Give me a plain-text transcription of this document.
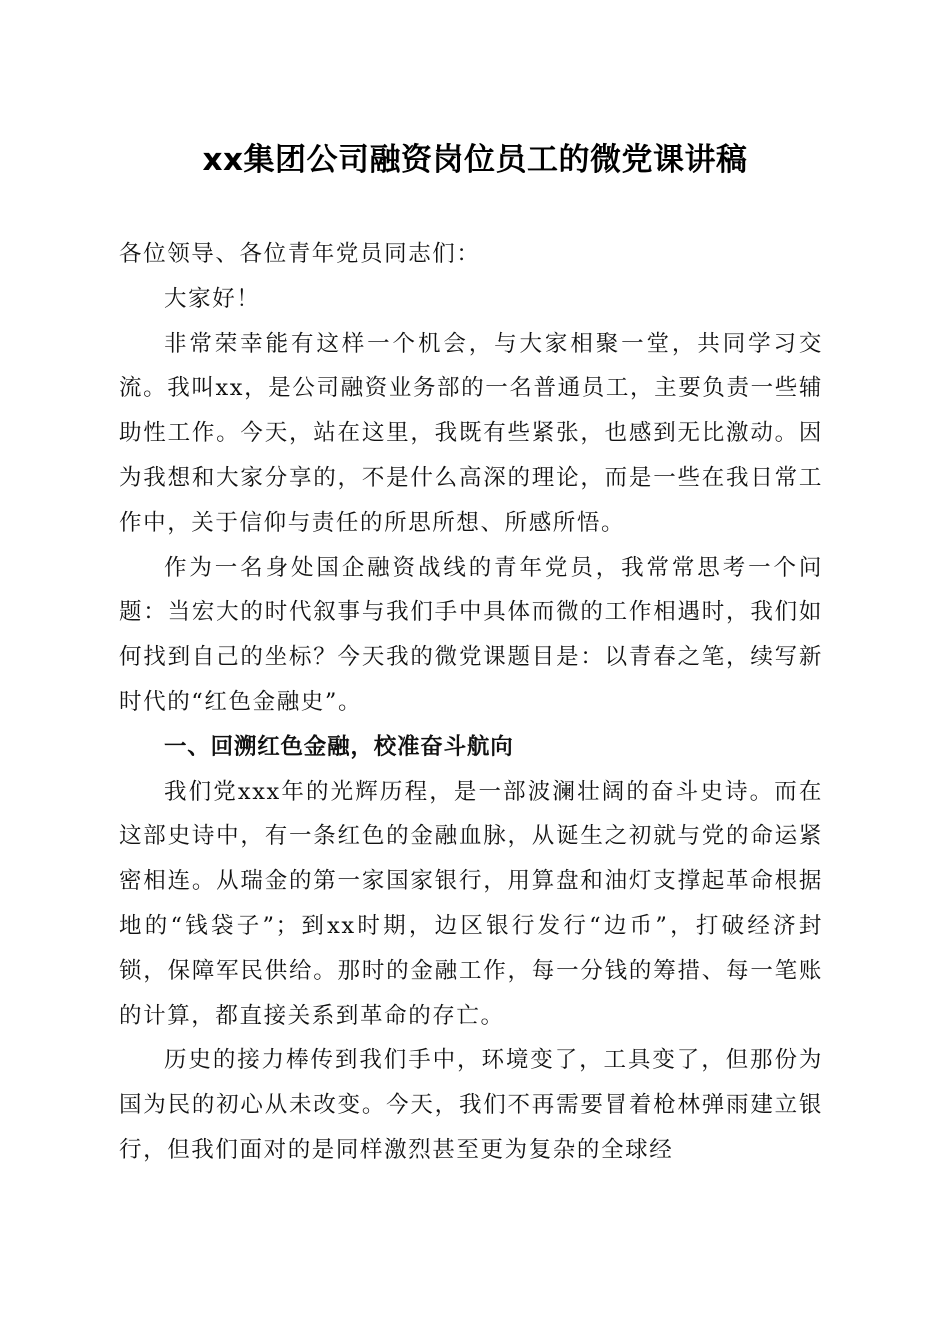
xx集团公司融资岗位员工的微党课讲稿

各位领导、各位青年党员同志们：

大家好！

非常荣幸能有这样一个机会，与大家相聚一堂，共同学习交流。我叫xx，是公司融资业务部的一名普通员工，主要负责一些辅助性工作。今天，站在这里，我既有些紧张，也感到无比激动。因为我想和大家分享的，不是什么高深的理论，而是一些在我日常工作中，关于信仰与责任的所思所想、所感所悟。

作为一名身处国企融资战线的青年党员，我常常思考一个问题：当宏大的时代叙事与我们手中具体而微的工作相遇时，我们如何找到自己的坐标？今天我的微党课题目是：以青春之笔，续写新时代的“红色金融史”。

一、回溯红色金融，校准奋斗航向

我们党xxx年的光辉历程，是一部波澜壮阔的奋斗史诗。而在这部史诗中，有一条红色的金融血脉，从诞生之初就与党的命运紧密相连。从瑞金的第一家国家银行，用算盘和油灯支撑起革命根据地的“钱袋子”；到xx时期，边区银行发行“边币”，打破经济封锁，保障军民供给。那时的金融工作，每一分钱的筹措、每一笔账的计算，都直接关系到革命的存亡。

历史的接力棒传到我们手中，环境变了，工具变了，但那份为国为民的初心从未改变。今天，我们不再需要冒着枪林弹雨建立银行，但我们面对的是同样激烈甚至更为复杂的全球经
